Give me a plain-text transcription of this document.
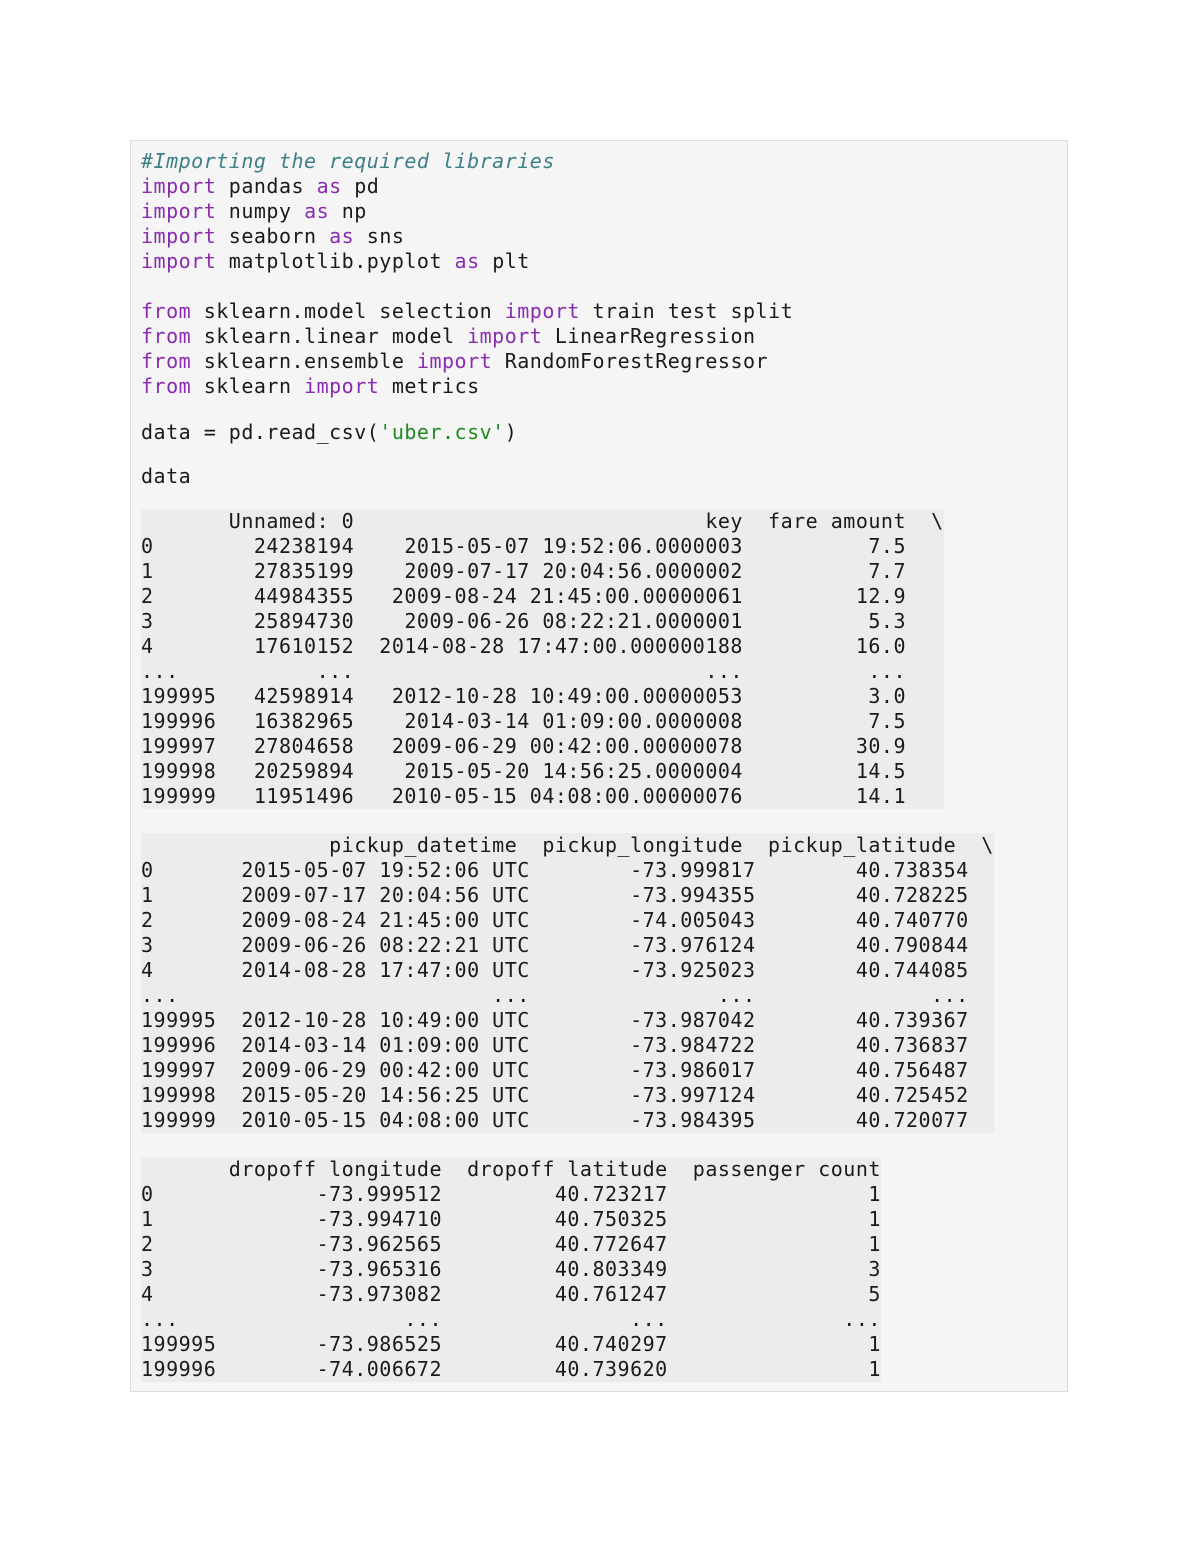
#Importing the required libraries
import pandas as pd
import numpy as np
import seaborn as sns
import matplotlib.pyplot as plt
from sklearn.model selection import train test split
from sklearn.linear model import LinearRegression
from sklearn.ensemble import RandomForestRegressor
from sklearn import metrics
data = pd.read_csv('uber.csv')
data
Unnamed: 0                            key  fare amount  \
0        24238194    2015-05-07 19:52:06.0000003          7.5
1        27835199    2009-07-17 20:04:56.0000002          7.7
2        44984355   2009-08-24 21:45:00.00000061         12.9
3        25894730    2009-06-26 08:22:21.0000001          5.3
4        17610152  2014-08-28 17:47:00.000000188         16.0
...           ...                            ...          ...
199995   42598914   2012-10-28 10:49:00.00000053          3.0
199996   16382965    2014-03-14 01:09:00.0000008          7.5
199997   27804658   2009-06-29 00:42:00.00000078         30.9
199998   20259894    2015-05-20 14:56:25.0000004         14.5
199999   11951496   2010-05-15 04:08:00.00000076         14.1
pickup_datetime  pickup_longitude  pickup_latitude  \
0       2015-05-07 19:52:06 UTC        -73.999817        40.738354
1       2009-07-17 20:04:56 UTC        -73.994355        40.728225
2       2009-08-24 21:45:00 UTC        -74.005043        40.740770
3       2009-06-26 08:22:21 UTC        -73.976124        40.790844
4       2014-08-28 17:47:00 UTC        -73.925023        40.744085
...                         ...               ...              ...
199995  2012-10-28 10:49:00 UTC        -73.987042        40.739367
199996  2014-03-14 01:09:00 UTC        -73.984722        40.736837
199997  2009-06-29 00:42:00 UTC        -73.986017        40.756487
199998  2015-05-20 14:56:25 UTC        -73.997124        40.725452
199999  2010-05-15 04:08:00 UTC        -73.984395        40.720077
dropoff longitude  dropoff latitude  passenger count
0             -73.999512         40.723217                1
1             -73.994710         40.750325                1
2             -73.962565         40.772647                1
3             -73.965316         40.803349                3
4             -73.973082         40.761247                5
...                  ...               ...              ...
199995        -73.986525         40.740297                1
199996        -74.006672         40.739620                1
